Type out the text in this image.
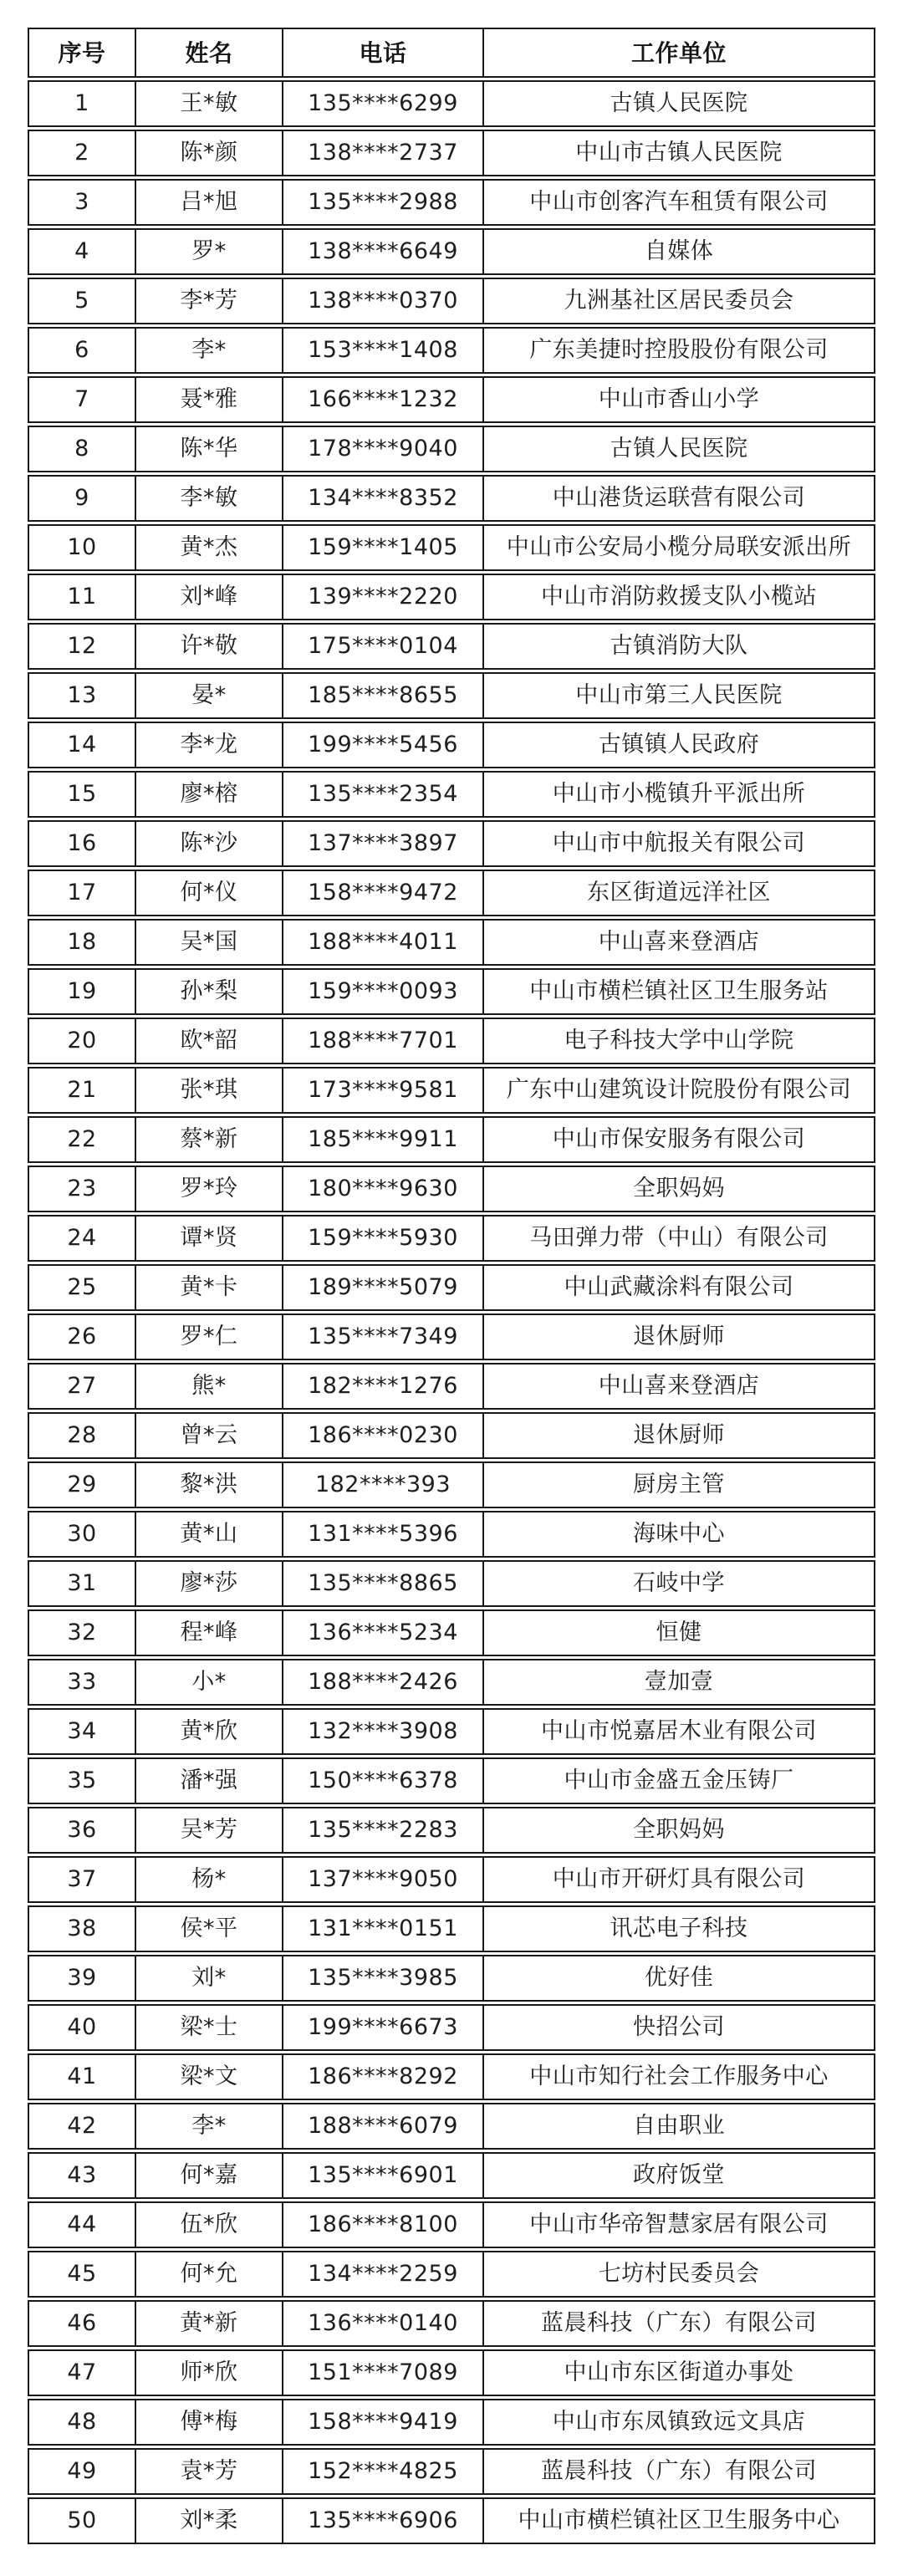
序号	姓名	电话	工作单位
1	王*敏	135****6299	古镇人民医院
2	陈*颜	138****2737	中山市古镇人民医院
3	吕*旭	135****2988	中山市创客汽车租赁有限公司
4	罗*	138****6649	自媒体
5	李*芳	138****0370	九洲基社区居民委员会
6	李*	153****1408	广东美捷时控股股份有限公司
7	聂*雅	166****1232	中山市香山小学
8	陈*华	178****9040	古镇人民医院
9	李*敏	134****8352	中山港货运联营有限公司
10	黄*杰	159****1405	中山市公安局小榄分局联安派出所
11	刘*峰	139****2220	中山市消防救援支队小榄站
12	许*敬	175****0104	古镇消防大队
13	晏*	185****8655	中山市第三人民医院
14	李*龙	199****5456	古镇镇人民政府
15	廖*榕	135****2354	中山市小榄镇升平派出所
16	陈*沙	137****3897	中山市中航报关有限公司
17	何*仪	158****9472	东区街道远洋社区
18	吴*国	188****4011	中山喜来登酒店
19	孙*梨	159****0093	中山市横栏镇社区卫生服务站
20	欧*韶	188****7701	电子科技大学中山学院
21	张*琪	173****9581	广东中山建筑设计院股份有限公司
22	蔡*新	185****9911	中山市保安服务有限公司
23	罗*玲	180****9630	全职妈妈
24	谭*贤	159****5930	马田弹力带（中山）有限公司
25	黄*卡	189****5079	中山武藏涂料有限公司
26	罗*仁	135****7349	退休厨师
27	熊*	182****1276	中山喜来登酒店
28	曾*云	186****0230	退休厨师
29	黎*洪	182****393	厨房主管
30	黄*山	131****5396	海味中心
31	廖*莎	135****8865	石岐中学
32	程*峰	136****5234	恒健
33	小*	188****2426	壹加壹
34	黄*欣	132****3908	中山市悦嘉居木业有限公司
35	潘*强	150****6378	中山市金盛五金压铸厂
36	吴*芳	135****2283	全职妈妈
37	杨*	137****9050	中山市开研灯具有限公司
38	侯*平	131****0151	讯芯电子科技
39	刘*	135****3985	优好佳
40	梁*士	199****6673	快招公司
41	梁*文	186****8292	中山市知行社会工作服务中心
42	李*	188****6079	自由职业
43	何*嘉	135****6901	政府饭堂
44	伍*欣	186****8100	中山市华帝智慧家居有限公司
45	何*允	134****2259	七坊村民委员会
46	黄*新	136****0140	蓝晨科技（广东）有限公司
47	师*欣	151****7089	中山市东区街道办事处
48	傅*梅	158****9419	中山市东凤镇致远文具店
49	袁*芳	152****4825	蓝晨科技（广东）有限公司
50	刘*柔	135****6906	中山市横栏镇社区卫生服务中心
